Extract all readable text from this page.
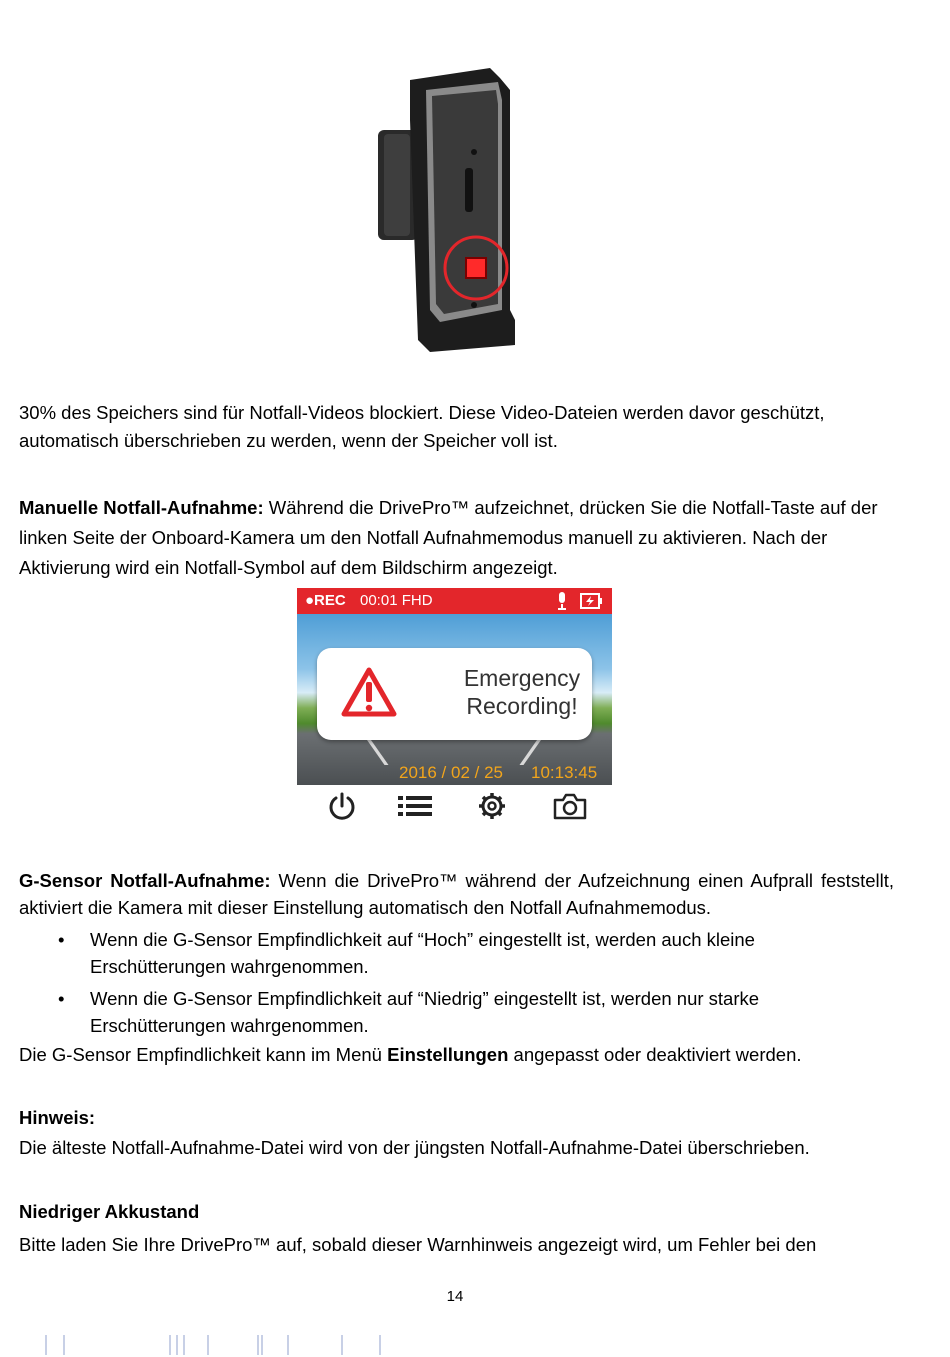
30% des Speichers sind für Notfall-Videos blockiert. Diese Video-Dateien werden davor geschützt, automatisch überschrieben zu werden, wenn der Speicher voll ist.

Manuelle Notfall-Aufnahme: Während die DrivePro™ aufzeichnet, drücken Sie die Notfall-Taste auf der linken Seite der Onboard-Kamera um den Notfall Aufnahmemodus manuell zu aktivieren. Nach der Aktivierung wird ein Notfall-Symbol auf dem Bildschirm angezeigt.

●REC 00:01 FHD
Emergency
Recording!
2016 / 02 / 25 10:13:45

G-Sensor Notfall-Aufnahme: Wenn die DrivePro™ während der Aufzeichnung einen Aufprall feststellt, aktiviert die Kamera mit dieser Einstellung automatisch den Notfall Aufnahmemodus.

• Wenn die G-Sensor Empfindlichkeit auf “Hoch” eingestellt ist, werden auch kleine Erschütterungen wahrgenommen.
• Wenn die G-Sensor Empfindlichkeit auf “Niedrig” eingestellt ist, werden nur starke Erschütterungen wahrgenommen.

Die G-Sensor Empfindlichkeit kann im Menü Einstellungen angepasst oder deaktiviert werden.

Hinweis:

Die älteste Notfall-Aufnahme-Datei wird von der jüngsten Notfall-Aufnahme-Datei überschrieben.

Niedriger Akkustand

Bitte laden Sie Ihre DrivePro™ auf, sobald dieser Warnhinweis angezeigt wird, um Fehler bei den

14
